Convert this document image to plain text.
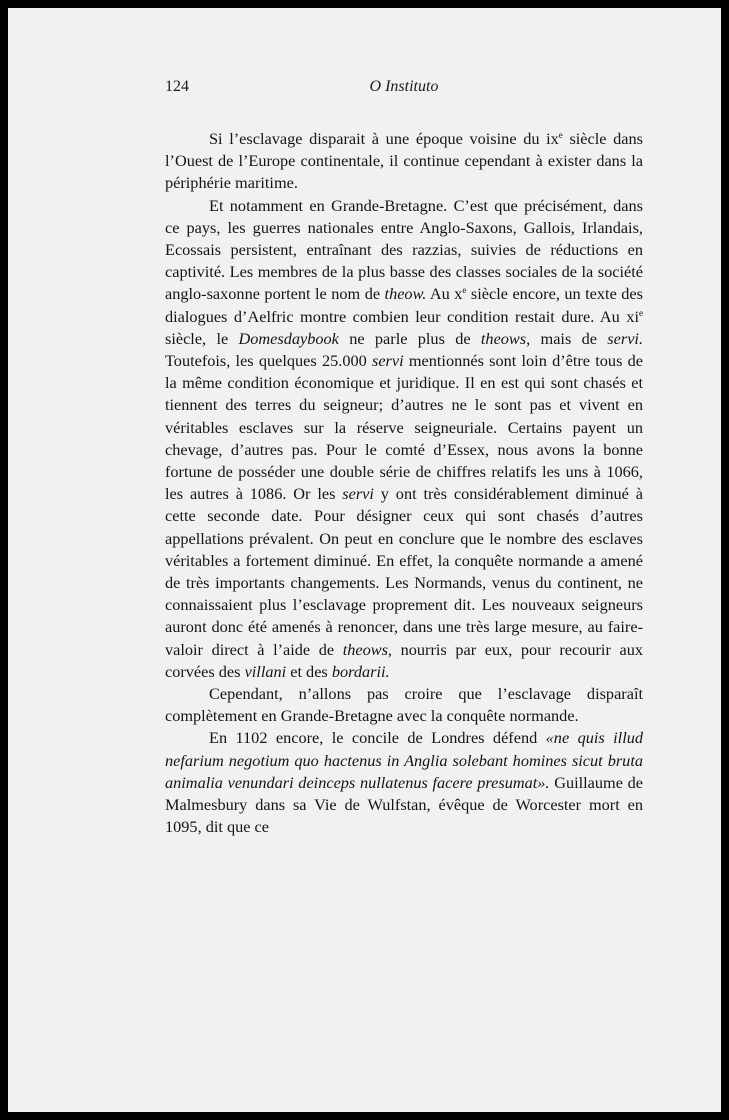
124	O Instituto

Si l’esclavage disparait à une époque voisine du $ix^e$ siècle dans l’Ouest de l’Europe continentale, il continue cependant à exister dans la périphérie maritime.

Et notamment en Grande-Bretagne. C’est que précisément, dans ce pays, les guerres nationales entre Anglo-Saxons, Gallois, Irlandais, Ecossais persistent, entraînant des razzias, suivies de réductions en captivité. Les membres de la plus basse des classes sociales de la société anglo-saxonne portent le nom de theow. Au $x^e$ siècle encore, un texte des dialogues d’Aelfric montre combien leur condition restait dure. Au $xi^e$ siècle, le Domesdaybook ne parle plus de theows, mais de servi. Toutefois, les quelques 25.000 servi mentionnés sont loin d’être tous de la même condition économique et juridique. Il en est qui sont chasés et tiennent des terres du seigneur; d’autres ne le sont pas et vivent en véritables esclaves sur la réserve seigneuriale. Certains payent un chevage, d’autres pas. Pour le comté d’Essex, nous avons la bonne fortune de posséder une double série de chiffres relatifs les uns à 1066, les autres à 1086. Or les servi y ont très considérablement diminué à cette seconde date. Pour désigner ceux qui sont chasés d’autres appellations prévalent. On peut en conclure que le nombre des esclaves véritables a fortement diminué. En effet, la conquête normande a amené de très importants changements. Les Normands, venus du continent, ne connaissaient plus l’esclavage proprement dit. Les nouveaux seigneurs auront donc été amenés à renoncer, dans une très large mesure, au faire-valoir direct à l’aide de theows, nourris par eux, pour recourir aux corvées des villani et des bordarii.

Cependant, n’allons pas croire que l’esclavage disparaît complètement en Grande-Bretagne avec la conquête normande.

En 1102 encore, le concile de Londres défend «ne quis illud nefarium negotium quo hactenus in Anglia solebant homines sicut bruta animalia venundari deinceps nullatenus facere presumat». Guillaume de Malmesbury dans sa Vie de Wulfstan, évêque de Worcester mort en 1095, dit que ce
